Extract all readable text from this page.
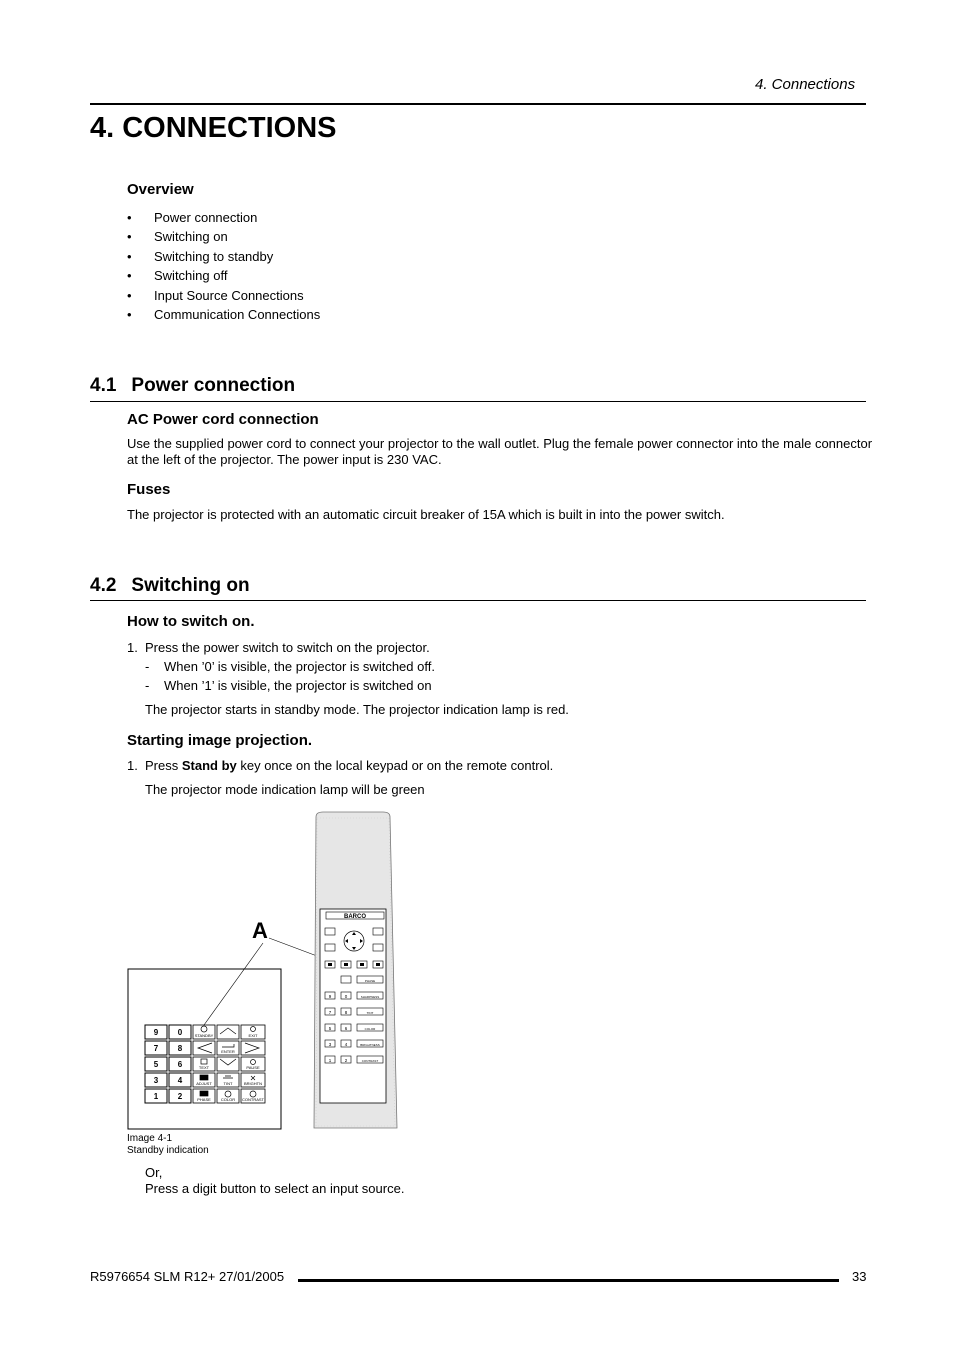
4. Connections
4. CONNECTIONS
Overview
• Power connection
• Switching on
• Switching to standby
• Switching off
• Input Source Connections
• Communication Connections
4.1 Power connection
AC Power cord connection
Use the supplied power cord to connect your projector to the wall outlet. Plug the female power connector into the male connector
at the left of the projector. The power input is 230 VAC.
Fuses
The projector is protected with an automatic circuit breaker of 15A which is built in into the power switch.
4.2 Switching on
How to switch on.
1. Press the power switch to switch on the projector.
- When ’0’ is visible, the projector is switched off.
- When ’1’ is visible, the projector is switched on
The projector starts in standby mode. The projector indication lamp is red.
Starting image projection.
1. Press Stand by key once on the local keypad or on the remote control.
The projector mode indication lamp will be green
9 0
7 8
5 6
3 4
1 2
STANDBY	EXIT
ENTER
TEXT	PAUSE
ADJUST	TINT	BRIGHTN
PHASE	COLOR CONTRAST
A
BARCO
9	0
7	8
5	6
3	4
1	2
PHASE
SHARPNESS
TINT
COLOR
BRIGHTNESS
CONTRAST
Image 4-1
Standby indication
Or,
Press a digit button to select an input source.
R5976654 SLM R12+ 27/01/2005	33
